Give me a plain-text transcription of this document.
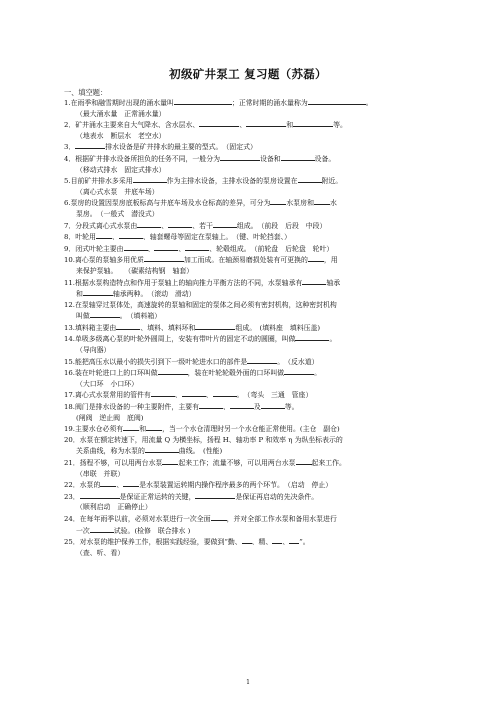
初级矿井泵工 复习题（苏磊）
一、填空题：
1.在雨季和融雪期时出现的涌水量叫	；正常时期的涌水量称为	。
（最大涌水量　正常涌水量）
2．矿井涌水主要来自大气降水、含水层水、	、	和	等。
（地表水　断层水　老空水）
3．	排水设备是矿井排水的最主要的型式。　（固定式）
4．根据矿井排水设备所担负的任务不同，一般分为	设备和	设备。
（移动式排水　固定式排水）
5.目前矿井排水多采用	作为主排水设备，主排水设备的泵房设置在	附近。
（离心式水泵　井底车场）
6.泵房的设置因泵房底板标高与井底车场及水仓标高的差异，可分为 水泵房和 水
泵房。　（一般式　潜没式）
7．分段式离心式水泵由	、	、若干	组成。　（前段　后段　中段）
8．叶轮用 、	、轴套螺母等固定在泵轴上。　（键、叶轮挡套、）
9．闭式叶轮主要由	、	、	、轮毂组成。　（前轮盘　后轮盘　轮叶）
10.离心泵的泵轴多用优质	加工而成。在轴颈易磨损处装有可更换的 ，用
来保护泵轴。　　（碳素结构钢　轴套）
11.根据水泵构造特点和作用于泵轴上的轴向推力平衡方法的不同，水泵轴承有	轴承
和	轴承两种。　（滚动　滑动）
12.在泵轴穿过泵体处，高速旋转的泵轴和固定的泵体之间必须有密封机构，这种密封机构
叫做	。　（填料箱）
13.填料箱主要由	、填料、填料环和	组成。　(填料座　填料压盖)
14.单吸多级离心泵的叶轮外圆周上，安装有带叶片的固定不动的圆圈，叫做	。
（导向器）
15.能把高压水以最小的损失引到下一级叶轮进水口的部件是	。　（反水道）
16.装在叶轮进口上的口环叫做	，装在叶轮轮毂外面的口环叫做	。
（大口环　小口环）
17.离心式水泵常用的管件有	、	、	。　（弯头　三通　管座）
18.阀门是排水设备的一种主要附件，主要有	、	及	等。
(闸阀　逆止阀　底阀)
19.主要水仓必须有 和 ，当一个水仓清理时另一个水仓能正常使用。(主仓　副仓)
20．水泵在额定转速下，用流量 Q 为横坐标，扬程 H、轴功率 P 和效率 η 为纵坐标表示的
关系曲线，称为水泵的	曲线。　(性能)
21．扬程不够，可以用两台水泵 起来工作；流量不够，可以用两台水泵 起来工作。
（串联　并联）
22．水泵的 、 是水泵装置运转期内操作程序最多的两个环节。　（启动　停止）
23．	是保证正常运转的关键，	是保证再启动的先决条件。
（顺利启动　正确停止）
24．在每年雨季以前，必须对水泵进行一次全面 ，并对全部工作水泵和备用水泵进行
一次	试验。(检修　联合排水 )
25．对水泵的维护保养工作，根据实践经验，要做到“勤、 、精、 、 ”。
（查、听、看）
1
